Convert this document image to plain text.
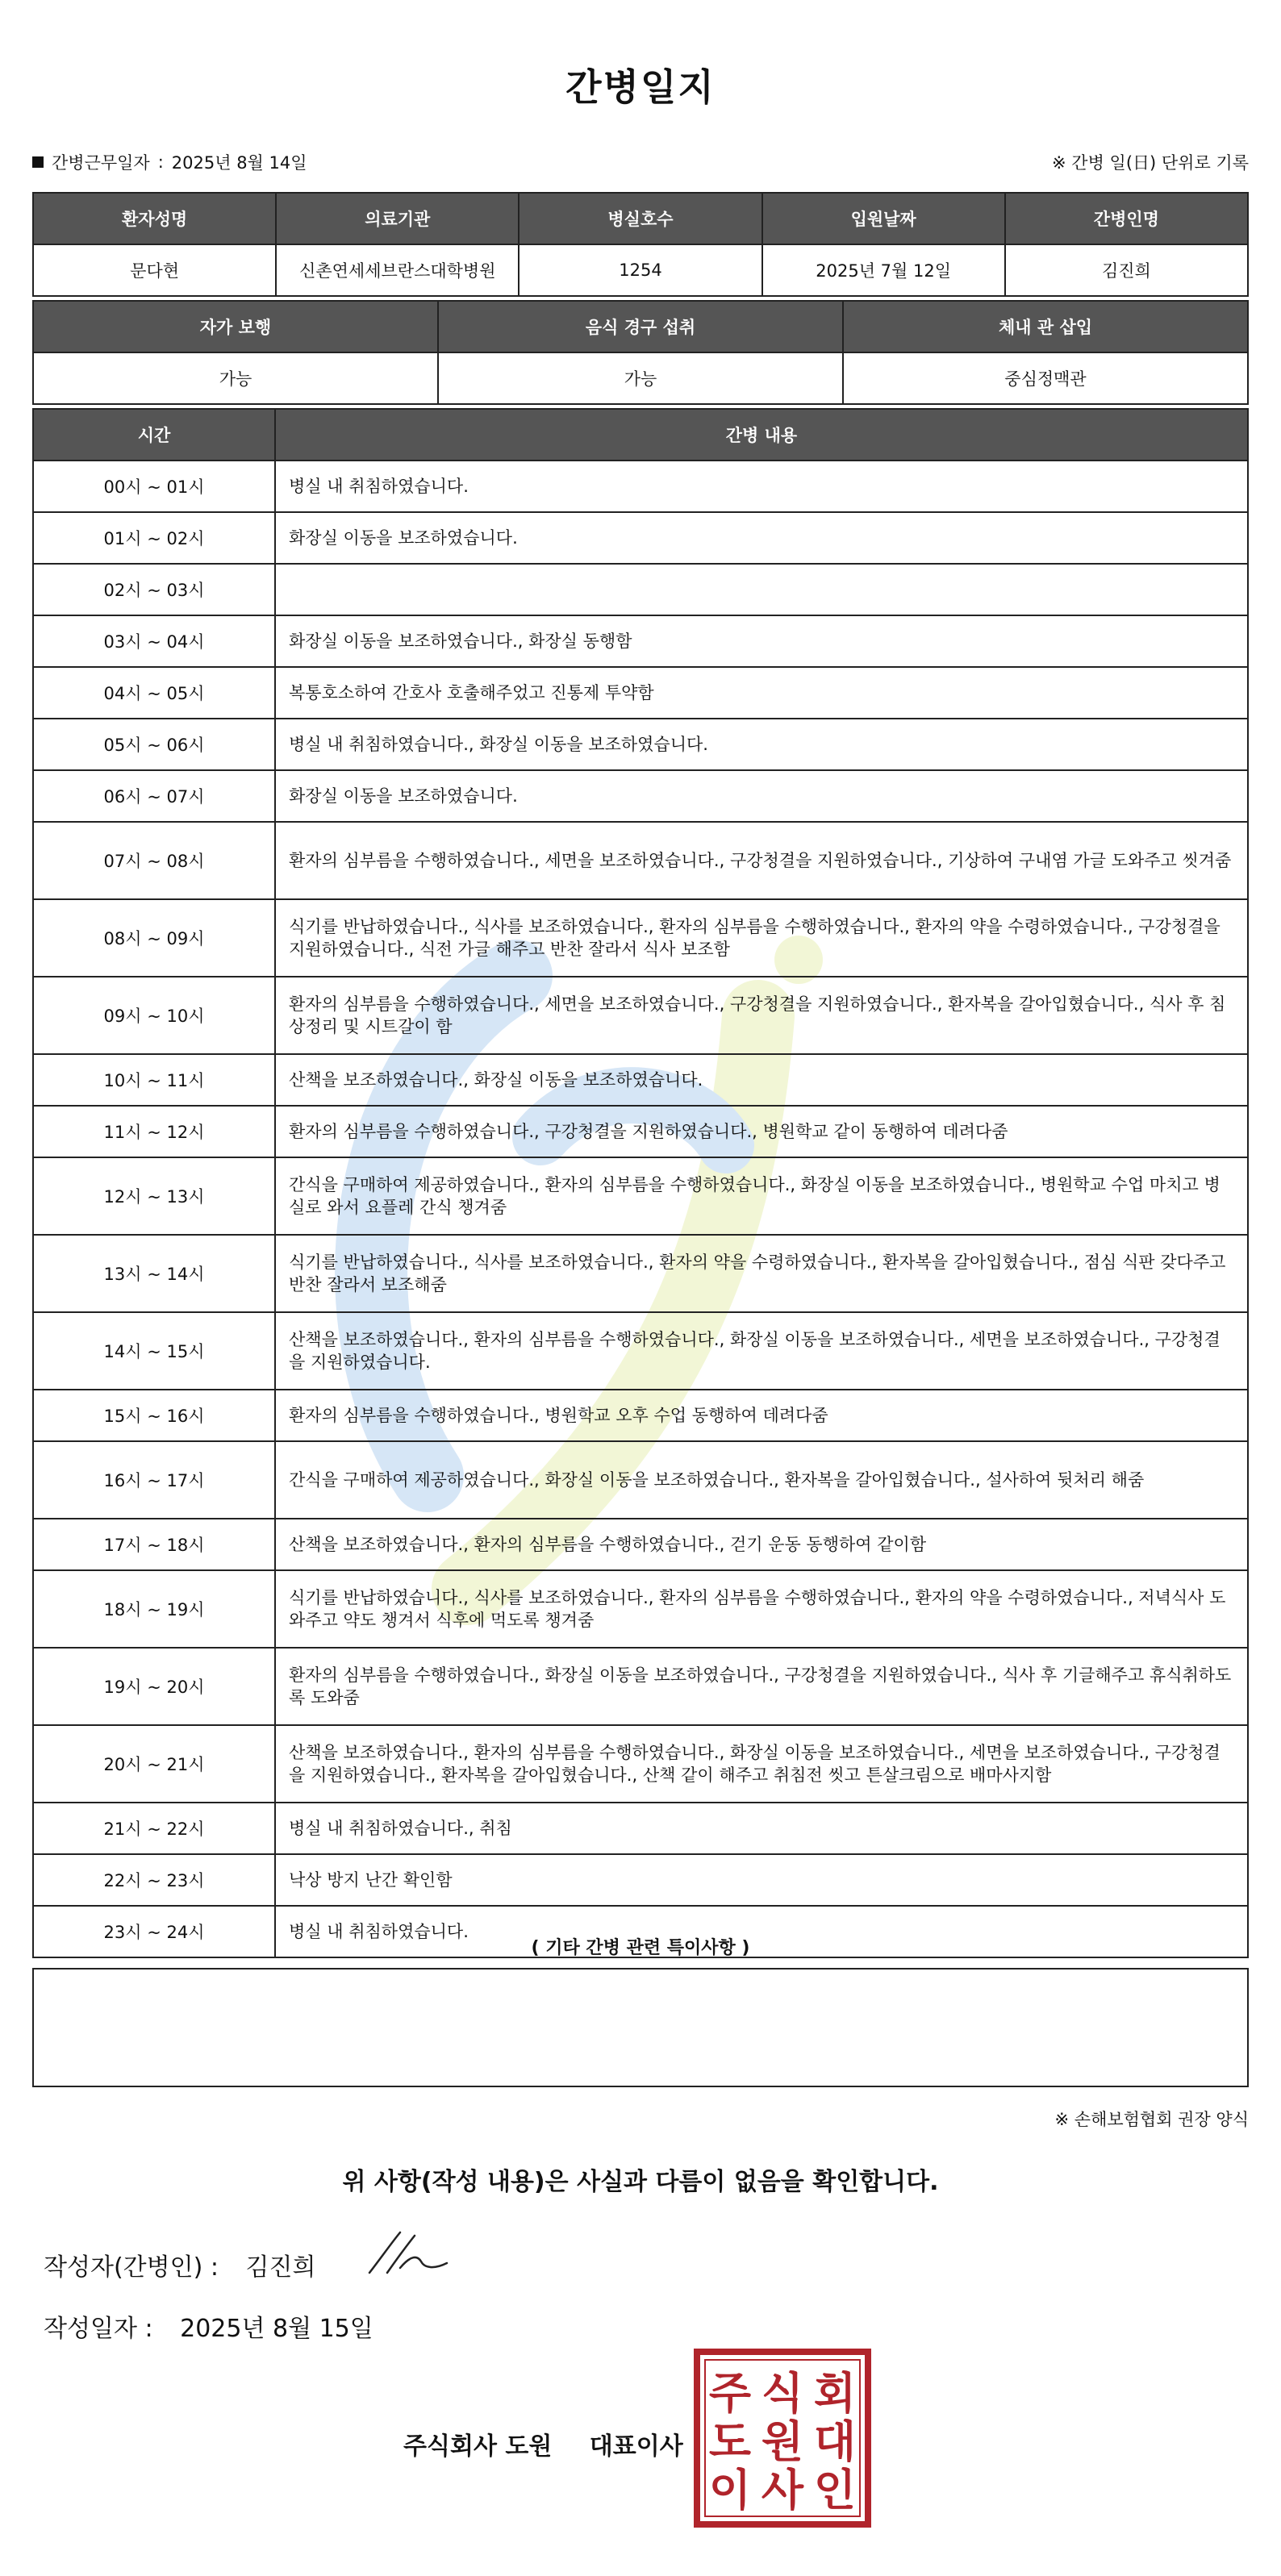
간병일지
간병근무일자 : 2025년 8월 14일	※ 간병 일(日) 단위로 기록
환자성명	의료기관	병실호수	입원날짜	간병인명
문다현	신촌연세세브란스대학병원	1254	2025년 7월 12일	김진희
자가 보행	음식 경구 섭취	체내 관 삽입
가능	가능	중심정맥관
시간	간병 내용
00시 ~ 01시	병실 내 취침하였습니다.
01시 ~ 02시	화장실 이동을 보조하였습니다.
02시 ~ 03시	
03시 ~ 04시	화장실 이동을 보조하였습니다., 화장실 동행함
04시 ~ 05시	복통호소하여 간호사 호출해주었고 진통제 투약함
05시 ~ 06시	병실 내 취침하였습니다., 화장실 이동을 보조하였습니다.
06시 ~ 07시	화장실 이동을 보조하였습니다.
07시 ~ 08시	환자의 심부름을 수행하였습니다., 세면을 보조하였습니다., 구강청결을 지원하였습니다., 기상하여 구내염 가글 도와주고 씻겨줌
08시 ~ 09시	식기를 반납하였습니다., 식사를 보조하였습니다., 환자의 심부름을 수행하였습니다., 환자의 약을 수령하였습니다., 구강청결을 지원하였습니다., 식전 가글 해주고 반찬 잘라서 식사 보조함
09시 ~ 10시	환자의 심부름을 수행하였습니다., 세면을 보조하였습니다., 구강청결을 지원하였습니다., 환자복을 갈아입혔습니다., 식사 후 침상정리 및 시트갈이 함
10시 ~ 11시	산책을 보조하였습니다., 화장실 이동을 보조하였습니다.
11시 ~ 12시	환자의 심부름을 수행하였습니다., 구강청결을 지원하였습니다., 병원학교 같이 동행하여 데려다줌
12시 ~ 13시	간식을 구매하여 제공하였습니다., 환자의 심부름을 수행하였습니다., 화장실 이동을 보조하였습니다., 병원학교 수업 마치고 병실로 와서 요플레 간식 챙겨줌
13시 ~ 14시	식기를 반납하였습니다., 식사를 보조하였습니다., 환자의 약을 수령하였습니다., 환자복을 갈아입혔습니다., 점심 식판 갖다주고 반찬 잘라서 보조해줌
14시 ~ 15시	산책을 보조하였습니다., 환자의 심부름을 수행하였습니다., 화장실 이동을 보조하였습니다., 세면을 보조하였습니다., 구강청결을 지원하였습니다.
15시 ~ 16시	환자의 심부름을 수행하였습니다., 병원학교 오후 수업 동행하여 데려다줌
16시 ~ 17시	간식을 구매하여 제공하였습니다., 화장실 이동을 보조하였습니다., 환자복을 갈아입혔습니다., 설사하여 뒷처리 해줌
17시 ~ 18시	산책을 보조하였습니다., 환자의 심부름을 수행하였습니다., 걷기 운동 동행하여 같이함
18시 ~ 19시	식기를 반납하였습니다., 식사를 보조하였습니다., 환자의 심부름을 수행하였습니다., 환자의 약을 수령하였습니다., 저녁식사 도와주고 약도 챙겨서 식후에 먹도록 챙겨줌
19시 ~ 20시	환자의 심부름을 수행하였습니다., 화장실 이동을 보조하였습니다., 구강청결을 지원하였습니다., 식사 후 기글해주고 휴식취하도록 도와줌
20시 ~ 21시	산책을 보조하였습니다., 환자의 심부름을 수행하였습니다., 화장실 이동을 보조하였습니다., 세면을 보조하였습니다., 구강청결을 지원하였습니다., 환자복을 갈아입혔습니다., 산책 같이 해주고 취침전 씻고 튼살크림으로 배마사지함
21시 ~ 22시	병실 내 취침하였습니다., 취침
22시 ~ 23시	낙상 방지 난간 확인함
23시 ~ 24시	병실 내 취침하였습니다.
( 기타 간병 관련 특이사항 )
※ 손해보험협회 권장 양식
위 사항(작성 내용)은 사실과 다름이 없음을 확인합니다.
작성자(간병인) : 김진희
작성일자 : 2025년 8월 15일
주식회사 도원 대표이사
주 식 회
도 원 대
이 사 인
